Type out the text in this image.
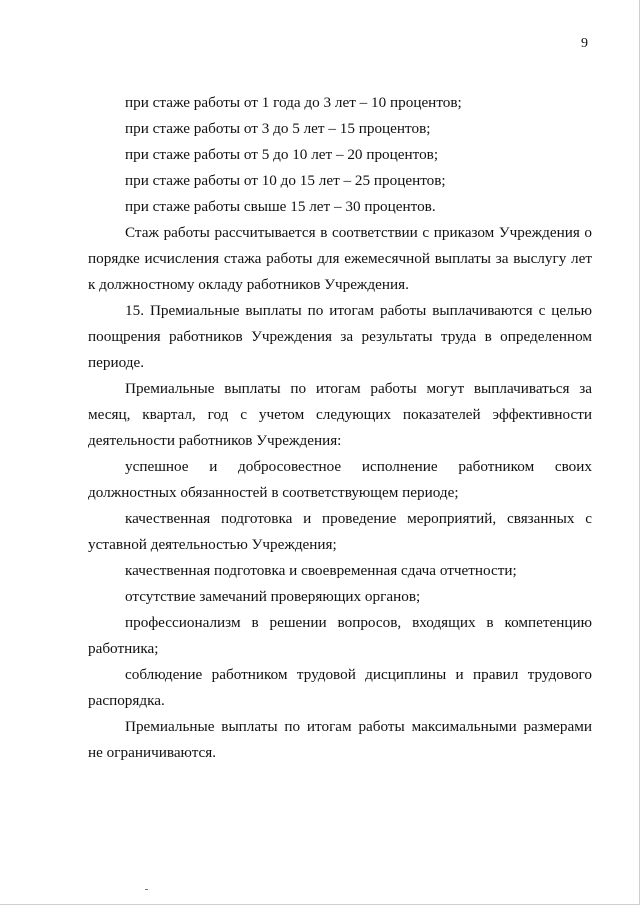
9

при стаже работы от 1 года до 3 лет – 10 процентов;

при стаже работы от 3 до 5 лет – 15 процентов;

при стаже работы от 5 до 10 лет – 20 процентов;

при стаже работы от 10 до 15 лет – 25 процентов;

при стаже работы свыше 15 лет – 30 процентов.

Стаж работы рассчитывается в соответствии с приказом Учреждения о порядке исчисления стажа работы для ежемесячной выплаты за выслугу лет к должностному окладу работников Учреждения.

15. Премиальные выплаты по итогам работы выплачиваются с целью поощрения работников Учреждения за результаты труда в определенном периоде.

Премиальные выплаты по итогам работы могут выплачиваться за месяц, квартал, год с учетом следующих показателей эффективности деятельности работников Учреждения:

успешное и добросовестное исполнение работником своих должностных обязанностей в соответствующем периоде;

качественная подготовка и проведение мероприятий, связанных с уставной деятельностью Учреждения;

качественная подготовка и своевременная сдача отчетности;

отсутствие замечаний проверяющих органов;

профессионализм в решении вопросов, входящих в компетенцию работника;

соблюдение работником трудовой дисциплины и правил трудового распорядка.

Премиальные выплаты по итогам работы максимальными размерами не ограничиваются.
